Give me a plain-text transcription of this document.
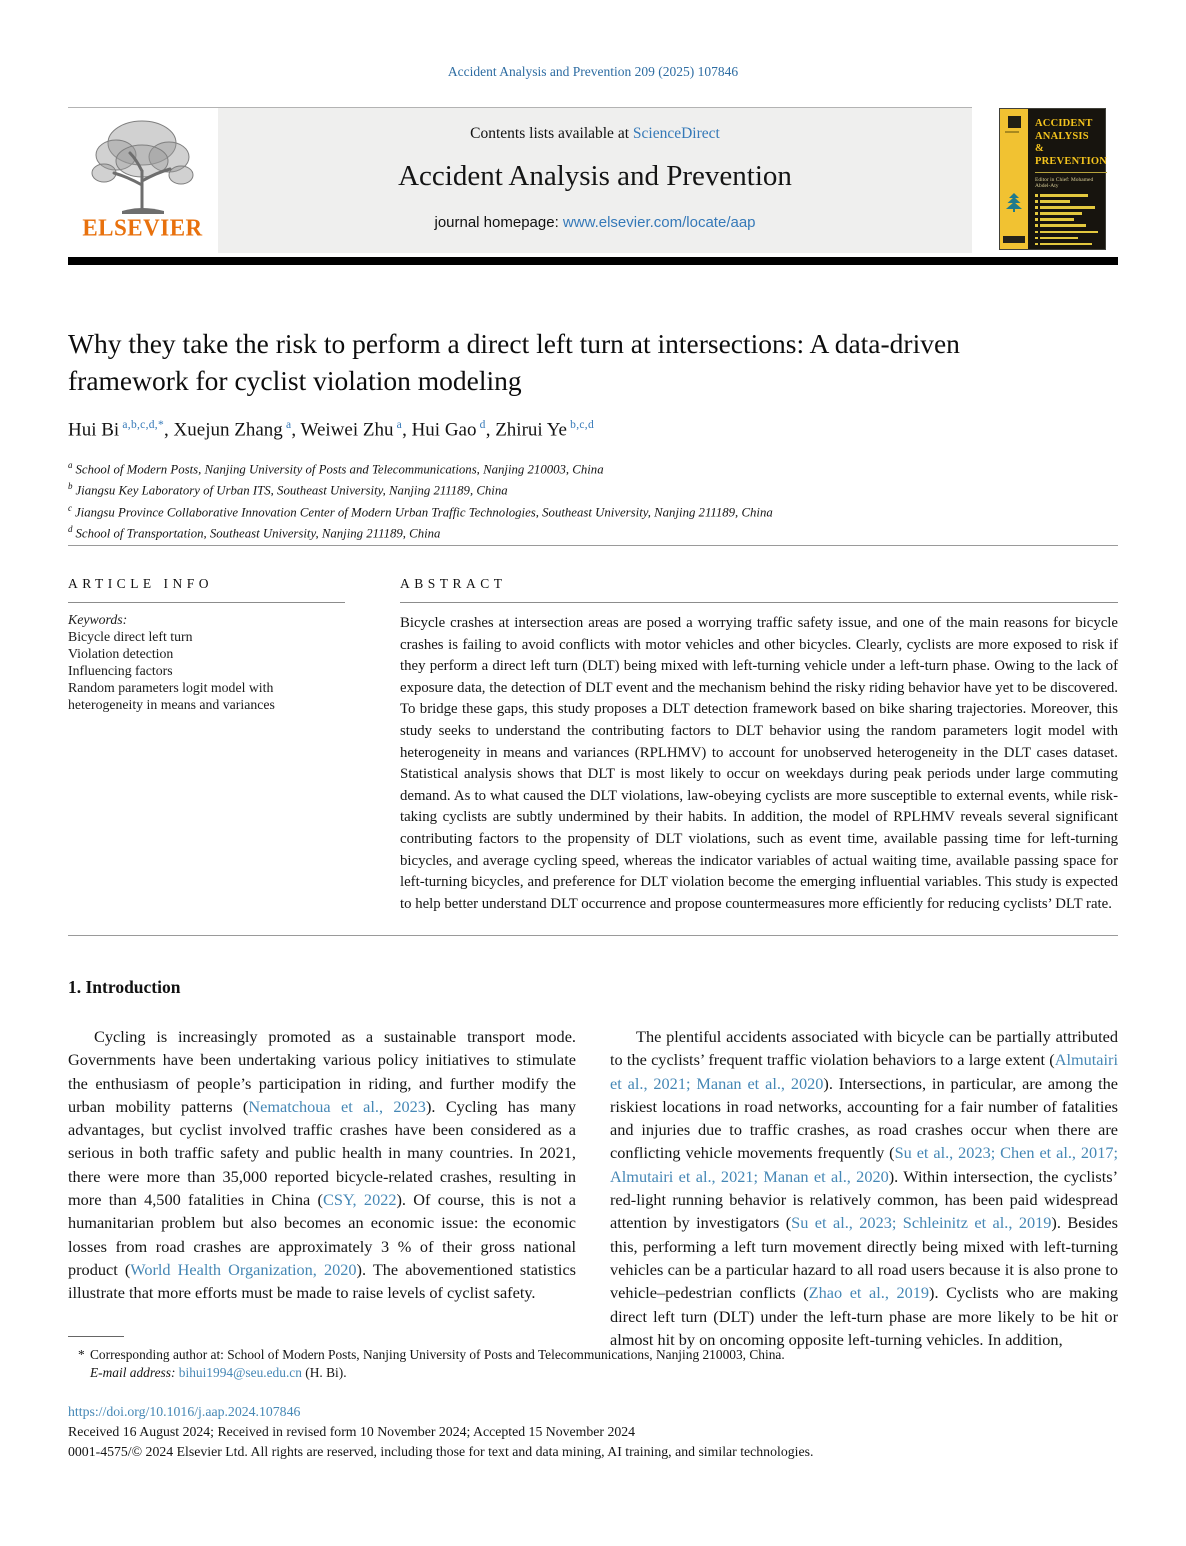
Accident Analysis and Prevention 209 (2025) 107846
ELSEVIER
Contents lists available at ScienceDirect
Accident Analysis and Prevention
journal homepage: www.elsevier.com/locate/aap
ACCIDENT
ANALYSIS
&
PREVENTION
Editor in Chief: Mohamed Abdel-Aty
Why they take the risk to perform a direct left turn at intersections: A data-driven framework for cyclist violation modeling
Hui Bi $^{a,b,c,d,*}$, Xuejun Zhang $^a$, Weiwei Zhu $^a$, Hui Gao $^d$, Zhirui Ye $^{b,c,d}$
$^a$ School of Modern Posts, Nanjing University of Posts and Telecommunications, Nanjing 210003, China
$^b$ Jiangsu Key Laboratory of Urban ITS, Southeast University, Nanjing 211189, China
$^c$ Jiangsu Province Collaborative Innovation Center of Modern Urban Traffic Technologies, Southeast University, Nanjing 211189, China
$^d$ School of Transportation, Southeast University, Nanjing 211189, China
ARTICLE INFO
Keywords:
Bicycle direct left turn
Violation detection
Influencing factors
Random parameters logit model with heterogeneity in means and variances
ABSTRACT
Bicycle crashes at intersection areas are posed a worrying traffic safety issue, and one of the main reasons for bicycle crashes is failing to avoid conflicts with motor vehicles and other bicycles. Clearly, cyclists are more exposed to risk if they perform a direct left turn (DLT) being mixed with left-turning vehicle under a left-turn phase. Owing to the lack of exposure data, the detection of DLT event and the mechanism behind the risky riding behavior have yet to be discovered. To bridge these gaps, this study proposes a DLT detection framework based on bike sharing trajectories. Moreover, this study seeks to understand the contributing factors to DLT behavior using the random parameters logit model with heterogeneity in means and variances (RPLHMV) to account for unobserved heterogeneity in the DLT cases dataset. Statistical analysis shows that DLT is most likely to occur on weekdays during peak periods under large commuting demand. As to what caused the DLT violations, law-obeying cyclists are more susceptible to external events, while risk-taking cyclists are subtly undermined by their habits. In addition, the model of RPLHMV reveals several significant contributing factors to the propensity of DLT violations, such as event time, available passing time for left-turning bicycles, and average cycling speed, whereas the indicator variables of actual waiting time, available passing space for left-turning bicycles, and preference for DLT violation become the emerging influential variables. This study is expected to help better understand DLT occurrence and propose countermeasures more efficiently for reducing cyclists’ DLT rate.
1. Introduction

Cycling is increasingly promoted as a sustainable transport mode. Governments have been undertaking various policy initiatives to stimulate the enthusiasm of people’s participation in riding, and further modify the urban mobility patterns (Nematchoua et al., 2023). Cycling has many advantages, but cyclist involved traffic crashes have been considered as a serious in both traffic safety and public health in many countries. In 2021, there were more than 35,000 reported bicycle-related crashes, resulting in more than 4,500 fatalities in China (CSY, 2022). Of course, this is not a humanitarian problem but also becomes an economic issue: the economic losses from road crashes are approximately 3 % of their gross national product (World Health Organization, 2020). The abovementioned statistics illustrate that more efforts must be made to raise levels of cyclist safety.

The plentiful accidents associated with bicycle can be partially attributed to the cyclists’ frequent traffic violation behaviors to a large extent (Almutairi et al., 2021; Manan et al., 2020). Intersections, in particular, are among the riskiest locations in road networks, accounting for a fair number of fatalities and injuries due to traffic crashes, as road crashes occur when there are conflicting vehicle movements frequently (Su et al., 2023; Chen et al., 2017; Almutairi et al., 2021; Manan et al., 2020). Within intersection, the cyclists’ red-light running behavior is relatively common, has been paid widespread attention by investigators (Su et al., 2023; Schleinitz et al., 2019). Besides this, performing a left turn movement directly being mixed with left-turning vehicles can be a particular hazard to all road users because it is also prone to vehicle–pedestrian conflicts (Zhao et al., 2019). Cyclists who are making direct left turn (DLT) under the left-turn phase are more likely to be hit or almost hit by on oncoming opposite left-turning vehicles. In addition,

* Corresponding author at: School of Modern Posts, Nanjing University of Posts and Telecommunications, Nanjing 210003, China.
E-mail address: bihui1994@seu.edu.cn (H. Bi).
https://doi.org/10.1016/j.aap.2024.107846
Received 16 August 2024; Received in revised form 10 November 2024; Accepted 15 November 2024
0001-4575/© 2024 Elsevier Ltd. All rights are reserved, including those for text and data mining, AI training, and similar technologies.
